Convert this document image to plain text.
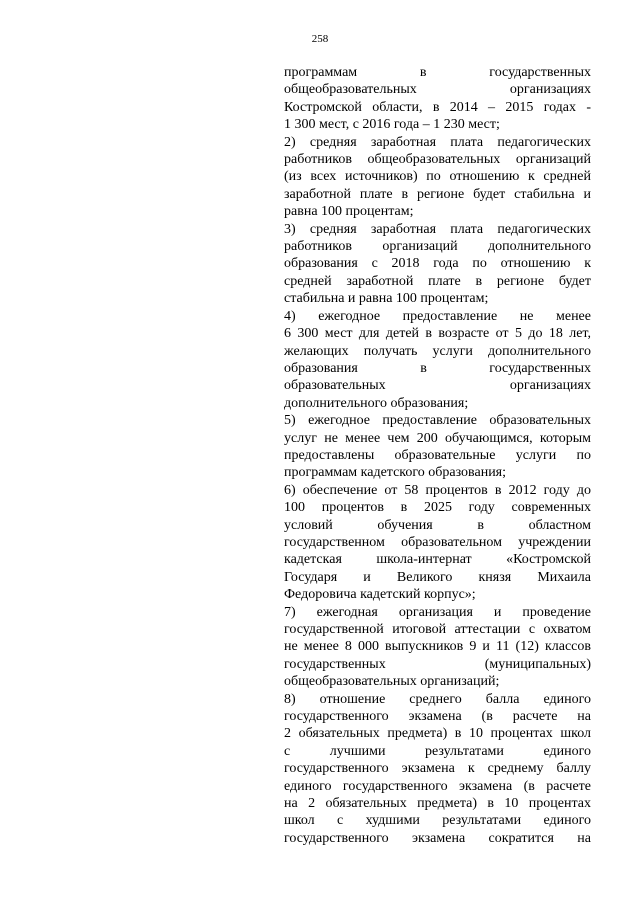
258
программам в государственных
общеобразовательных организациях
Костромской области, в 2014 – 2015 годах -
1 300 мест, с 2016 года – 1 230 мест;
2) средняя заработная плата педагогических
работников общеобразовательных организаций
(из всех источников) по отношению к средней
заработной плате в регионе будет стабильна и
равна 100 процентам;
3) средняя заработная плата педагогических
работников организаций дополнительного
образования с 2018 года по отношению к
средней заработной плате в регионе будет
стабильна и равна 100 процентам;
4) ежегодное предоставление не менее
6 300 мест для детей в возрасте от 5 до 18 лет,
желающих получать услуги дополнительного
образования в государственных
образовательных организациях
дополнительного образования;
5) ежегодное предоставление образовательных
услуг не менее чем 200 обучающимся, которым
предоставлены образовательные услуги по
программам кадетского образования;
6) обеспечение от 58 процентов в 2012 году до
100 процентов в 2025 году современных
условий обучения в областном
государственном образовательном учреждении
кадетская школа-интернат «Костромской
Государя и Великого князя Михаила
Федоровича кадетский корпус»;
7) ежегодная организация и проведение
государственной итоговой аттестации с охватом
не менее 8 000 выпускников 9 и 11 (12) классов
государственных (муниципальных)
общеобразовательных организаций;
8) отношение среднего балла единого
государственного экзамена (в расчете на
2 обязательных предмета) в 10 процентах школ
с лучшими результатами единого
государственного экзамена к среднему баллу
единого государственного экзамена (в расчете
на 2 обязательных предмета) в 10 процентах
школ с худшими результатами единого
государственного экзамена сократится на
